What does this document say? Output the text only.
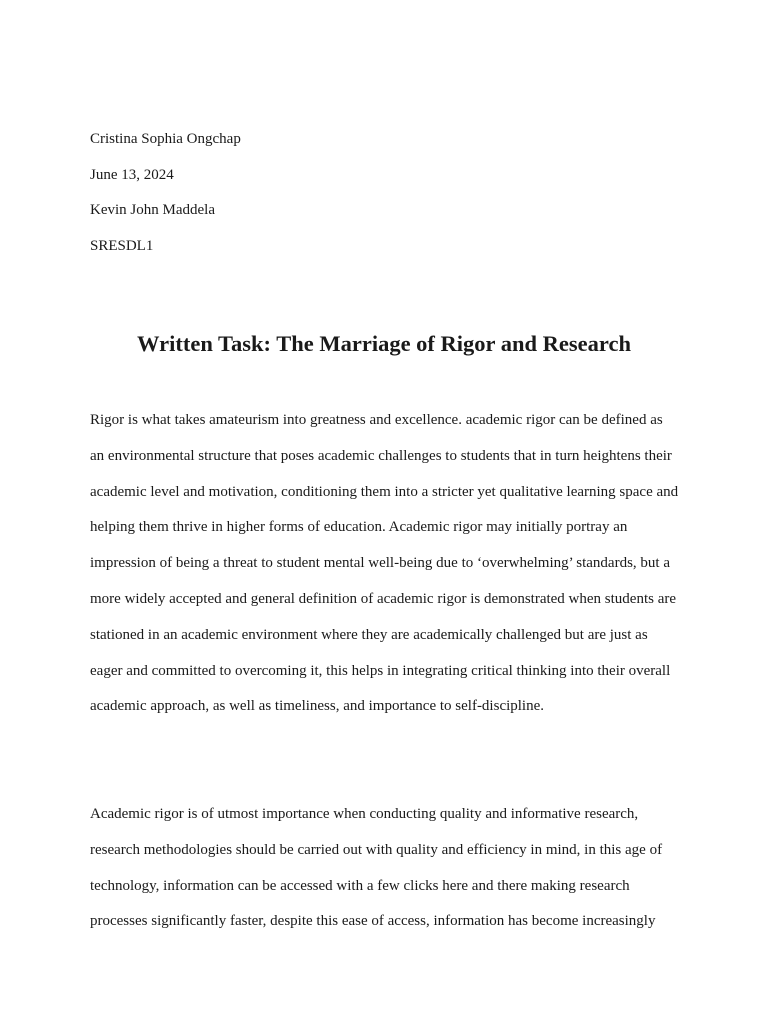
Cristina Sophia Ongchap
June 13, 2024
Kevin John Maddela
SRESDL1
Written Task: The Marriage of Rigor and Research

Rigor is what takes amateurism into greatness and excellence. academic rigor can be defined as an environmental structure that poses academic challenges to students that in turn heightens their academic level and motivation, conditioning them into a stricter yet qualitative learning space and helping them thrive in higher forms of education. Academic rigor may initially portray an impression of being a threat to student mental well-being due to ‘overwhelming’ standards, but a more widely accepted and general definition of academic rigor is demonstrated when students are stationed in an academic environment where they are academically challenged but are just as eager and committed to overcoming it, this helps in integrating critical thinking into their overall academic approach, as well as timeliness, and importance to self-discipline.

Academic rigor is of utmost importance when conducting quality and informative research, research methodologies should be carried out with quality and efficiency in mind, in this age of technology, information can be accessed with a few clicks here and there making research processes significantly faster, despite this ease of access, information has become increasingly
